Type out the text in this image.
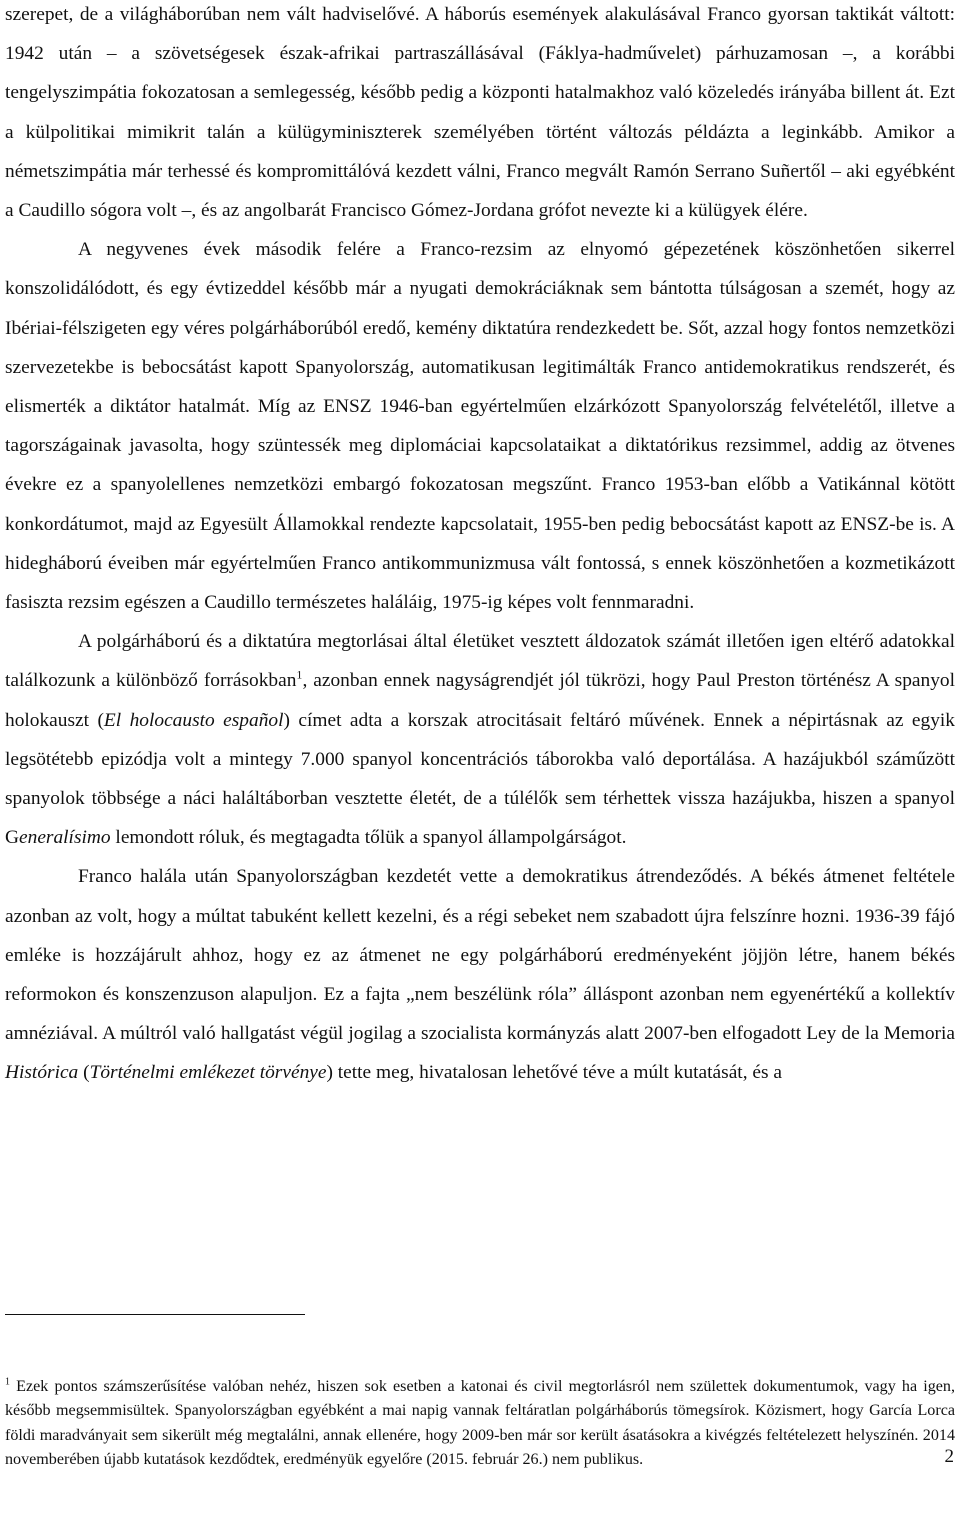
szerepet, de a világháborúban nem vált hadviselővé. A háborús események alakulásával Franco gyorsan taktikát váltott: 1942 után – a szövetségesek észak-afrikai partraszállásával (Fáklya-hadművelet) párhuzamosan –, a korábbi tengelyszimpátia fokozatosan a semlegesség, később pedig a központi hatalmakhoz való közeledés irányába billent át. Ezt a külpolitikai mimikrit talán a külügyminiszterek személyében történt változás példázta a leginkább. Amikor a németszimpátia már terhessé és kompromittálóvá kezdett válni, Franco megvált Ramón Serrano Suñertől – aki egyébként a Caudillo sógora volt –, és az angolbarát Francisco Gómez-Jordana grófot nevezte ki a külügyek élére.

A negyvenes évek második felére a Franco-rezsim az elnyomó gépezetének köszönhetően sikerrel konszolidálódott, és egy évtizeddel később már a nyugati demokráciáknak sem bántotta túlságosan a szemét, hogy az Ibériai-félszigeten egy véres polgárháborúból eredő, kemény diktatúra rendezkedett be. Sőt, azzal hogy fontos nemzetközi szervezetekbe is bebocsátást kapott Spanyolország, automatikusan legitimálták Franco antidemokratikus rendszerét, és elismerték a diktátor hatalmát. Míg az ENSZ 1946-ban egyértelműen elzárkózott Spanyolország felvételétől, illetve a tagországainak javasolta, hogy szüntessék meg diplomáciai kapcsolataikat a diktatórikus rezsimmel, addig az ötvenes évekre ez a spanyolellenes nemzetközi embargó fokozatosan megszűnt. Franco 1953-ban előbb a Vatikánnal kötött konkordátumot, majd az Egyesült Államokkal rendezte kapcsolatait, 1955-ben pedig bebocsátást kapott az ENSZ-be is. A hidegháború éveiben már egyértelműen Franco antikommunizmusa vált fontossá, s ennek köszönhetően a kozmetikázott fasiszta rezsim egészen a Caudillo természetes haláláig, 1975-ig képes volt fennmaradni.

A polgárháború és a diktatúra megtorlásai által életüket vesztett áldozatok számát illetően igen eltérő adatokkal találkozunk a különböző forrásokban$^1$, azonban ennek nagyságrendjét jól tükrözi, hogy Paul Preston történész A spanyol holokauszt (El holocausto español) címet adta a korszak atrocitásait feltáró művének. Ennek a népirtásnak az egyik legsötétebb epizódja volt a mintegy 7.000 spanyol koncentrációs táborokba való deportálása. A hazájukból száműzött spanyolok többsége a náci haláltáborban vesztette életét, de a túlélők sem térhettek vissza hazájukba, hiszen a spanyol Generalísimo lemondott róluk, és megtagadta tőlük a spanyol állampolgárságot.

Franco halála után Spanyolországban kezdetét vette a demokratikus átrendeződés. A békés átmenet feltétele azonban az volt, hogy a múltat tabuként kellett kezelni, és a régi sebeket nem szabadott újra felszínre hozni. 1936-39 fájó emléke is hozzájárult ahhoz, hogy ez az átmenet ne egy polgárháború eredményeként jöjjön létre, hanem békés reformokon és konszenzuson alapuljon. Ez a fajta „nem beszélünk róla” álláspont azonban nem egyenértékű a kollektív amnéziával. A múltról való hallgatást végül jogilag a szocialista kormányzás alatt 2007-ben elfogadott Ley de la Memoria Histórica (Történelmi emlékezet törvénye) tette meg, hivatalosan lehetővé téve a múlt kutatását, és a

$^1$ Ezek pontos számszerűsítése valóban nehéz, hiszen sok esetben a katonai és civil megtorlásról nem születtek dokumentumok, vagy ha igen, később megsemmisültek. Spanyolországban egyébként a mai napig vannak feltáratlan polgárháborús tömegsírok. Közismert, hogy García Lorca földi maradványait sem sikerült még megtalálni, annak ellenére, hogy 2009-ben már sor került ásatásokra a kivégzés feltételezett helyszínén. 2014 novemberében újabb kutatások kezdődtek, eredményük egyelőre (2015. február 26.) nem publikus.

	2
